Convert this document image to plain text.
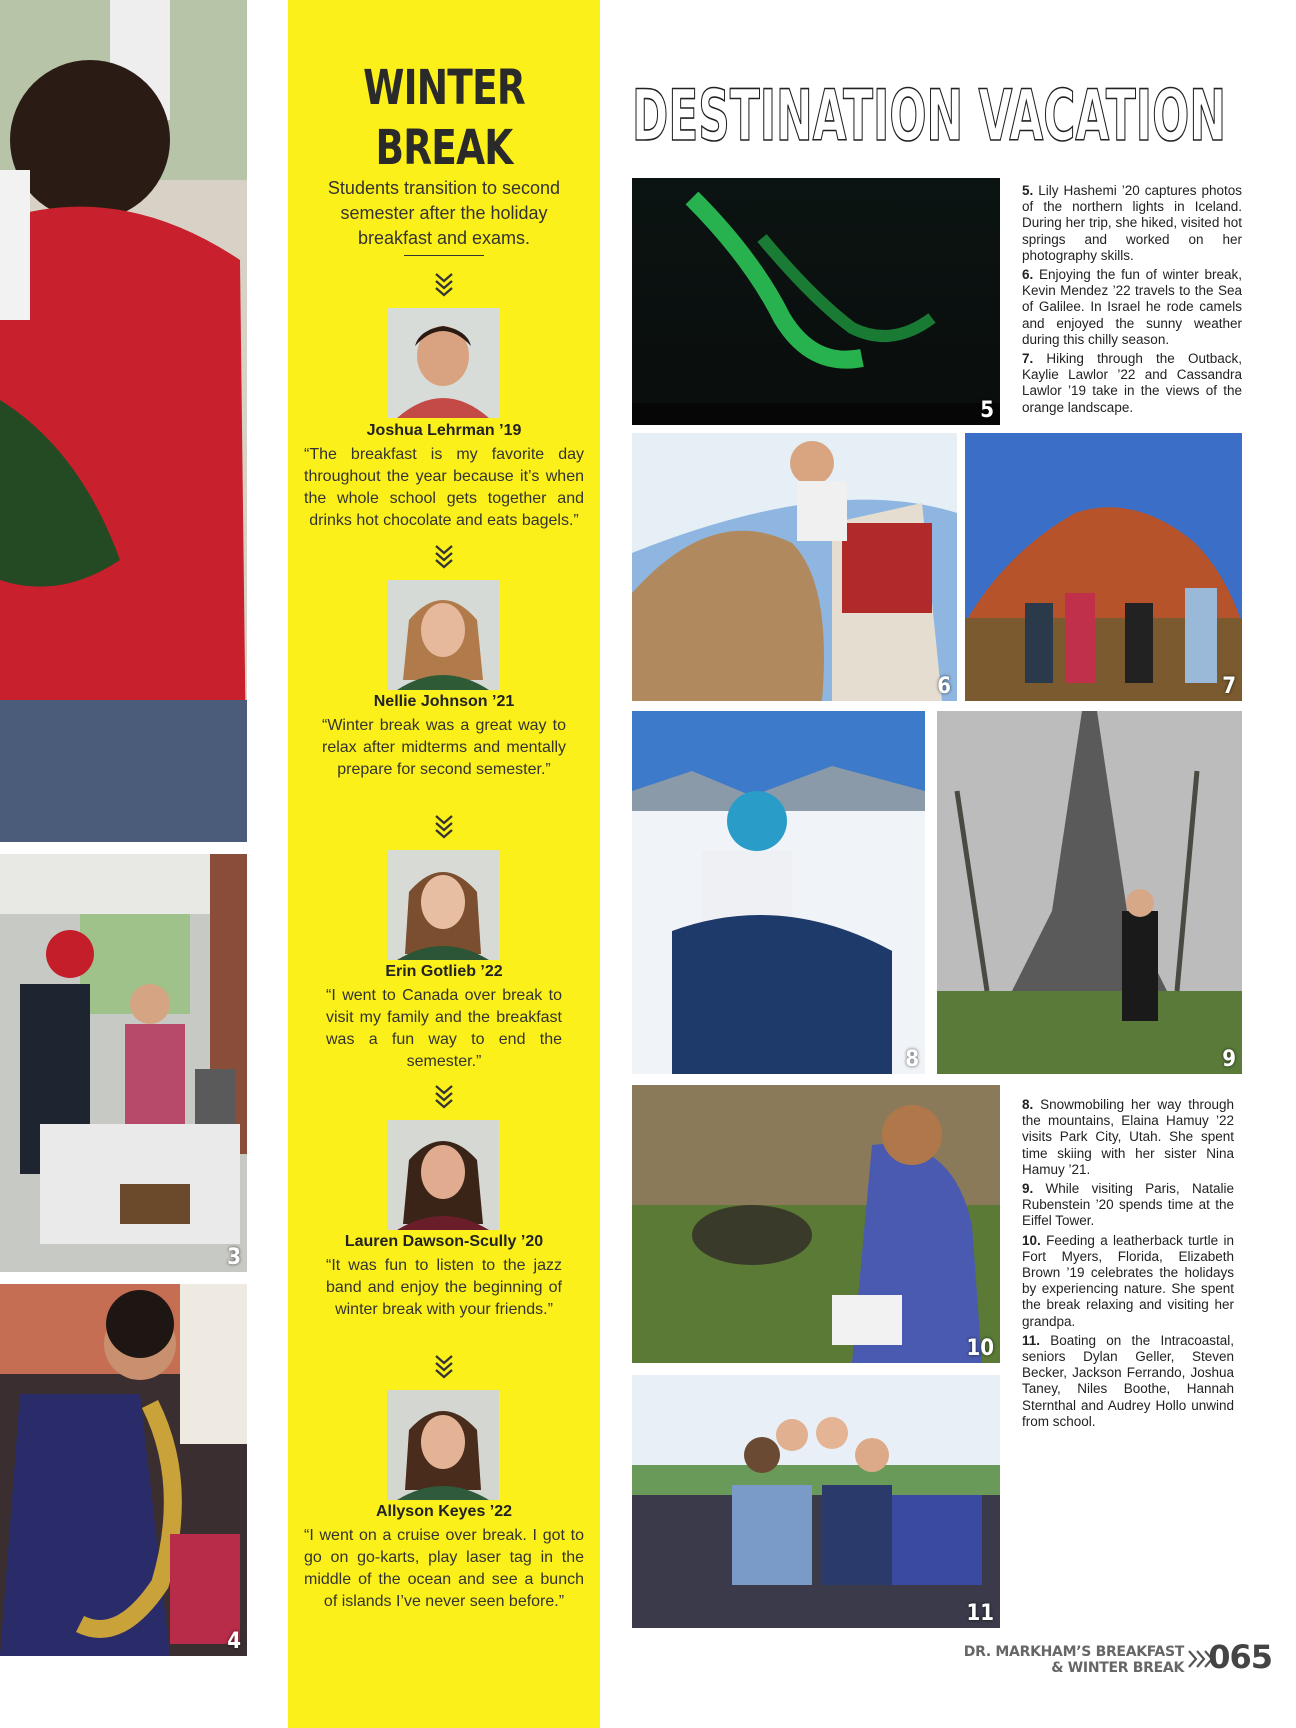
3
4
WINTER
BREAK
Students transition to second semester after the holiday breakfast and exams.
Joshua Lehrman ’19
“The breakfast is my favorite day throughout the year because it’s when the whole school gets together and drinks hot chocolate and eats bagels.”
Nellie Johnson ’21
“Winter break was a great way to relax after midterms and mentally prepare for second semester.”
Erin Gotlieb ’22
“I went to Canada over break to visit my family and the breakfast was a fun way to end the semester.”
Lauren Dawson-Scully ’20
“It was fun to listen to the jazz band and enjoy the beginning of winter break with your friends.”
Allyson Keyes ’22
“I went on a cruise over break. I got to go on go-karts, play laser tag in the middle of the ocean and see a bunch of islands I’ve never seen before.”
DESTINATION VACATION
5

5. Lily Hashemi ’20 captures photos of the northern lights in Iceland. During her trip, she hiked, visited hot springs and worked on her photography skills.

6. Enjoying the fun of winter break, Kevin Mendez ’22 travels to the Sea of Galilee. In Israel he rode camels and enjoyed the sunny weather during this chilly season.

7. Hiking through the Outback, Kaylie Lawlor ’22 and Cassandra Lawlor ’19 take in the views of the orange landscape.

6	7
8	9
10

8. Snowmobiling her way through the mountains, Elaina Hamuy ’22 visits Park City, Utah. She spent time skiing with her sister Nina Hamuy ’21.

9. While visiting Paris, Natalie Rubenstein ’20 spends time at the Eiffel Tower.

10. Feeding a leatherback turtle in Fort Myers, Florida, Elizabeth Brown ’19 celebrates the holidays by experiencing nature. She spent the break relaxing and visiting her grandpa.

11. Boating on the Intracoastal, seniors Dylan Geller, Steven Becker, Jackson Ferrando, Joshua Taney, Niles Boothe, Hannah Sternthal and Audrey Hollo unwind from school.

11
DR. MARKHAM’S BREAKFAST
& WINTER BREAK 065
